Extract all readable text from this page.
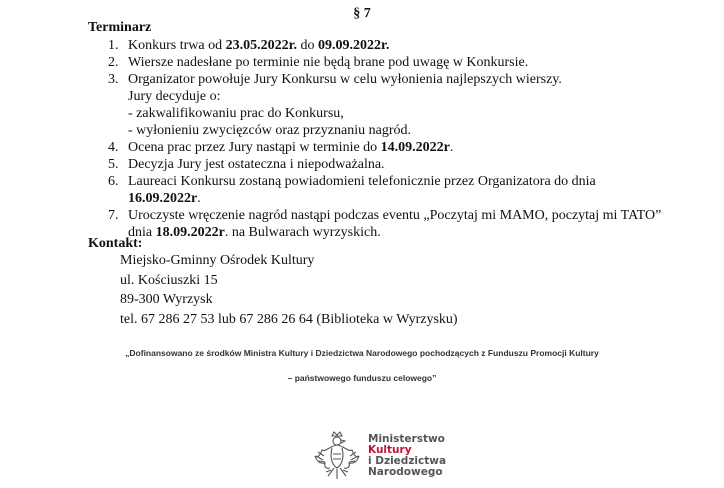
§ 7
Terminarz
1. Konkurs trwa od 23.05.2022r. do 09.09.2022r.
2. Wiersze nadesłane po terminie nie będą brane pod uwagę w Konkursie.
3. Organizator powołuje Jury Konkursu w celu wyłonienia najlepszych wierszy.
Jury decyduje o:
- zakwalifikowaniu prac do Konkursu,
- wyłonieniu zwycięzców oraz przyznaniu nagród.
4. Ocena prac przez Jury nastąpi w terminie do 14.09.2022r.
5. Decyzja Jury jest ostateczna i niepodważalna.
6. Laureaci Konkursu zostaną powiadomieni telefonicznie przez Organizatora do dnia 16.09.2022r.
7. Uroczyste wręczenie nagród nastąpi podczas eventu „Poczytaj mi MAMO, poczytaj mi TATO” dnia 18.09.2022r. na Bulwarach wyrzyskich.
Kontakt:
Miejsko-Gminny Ośrodek Kultury
ul. Kościuszki 15
89-300 Wyrzysk
tel. 67 286 27 53 lub 67 286 26 64 (Biblioteka w Wyrzysku)
„Dofinansowano ze środków Ministra Kultury i Dziedzictwa Narodowego pochodzących z Funduszu Promocji Kultury
– państwowego funduszu celowego”
Ministerstwo
Kultury
i Dziedzictwa
Narodowego
